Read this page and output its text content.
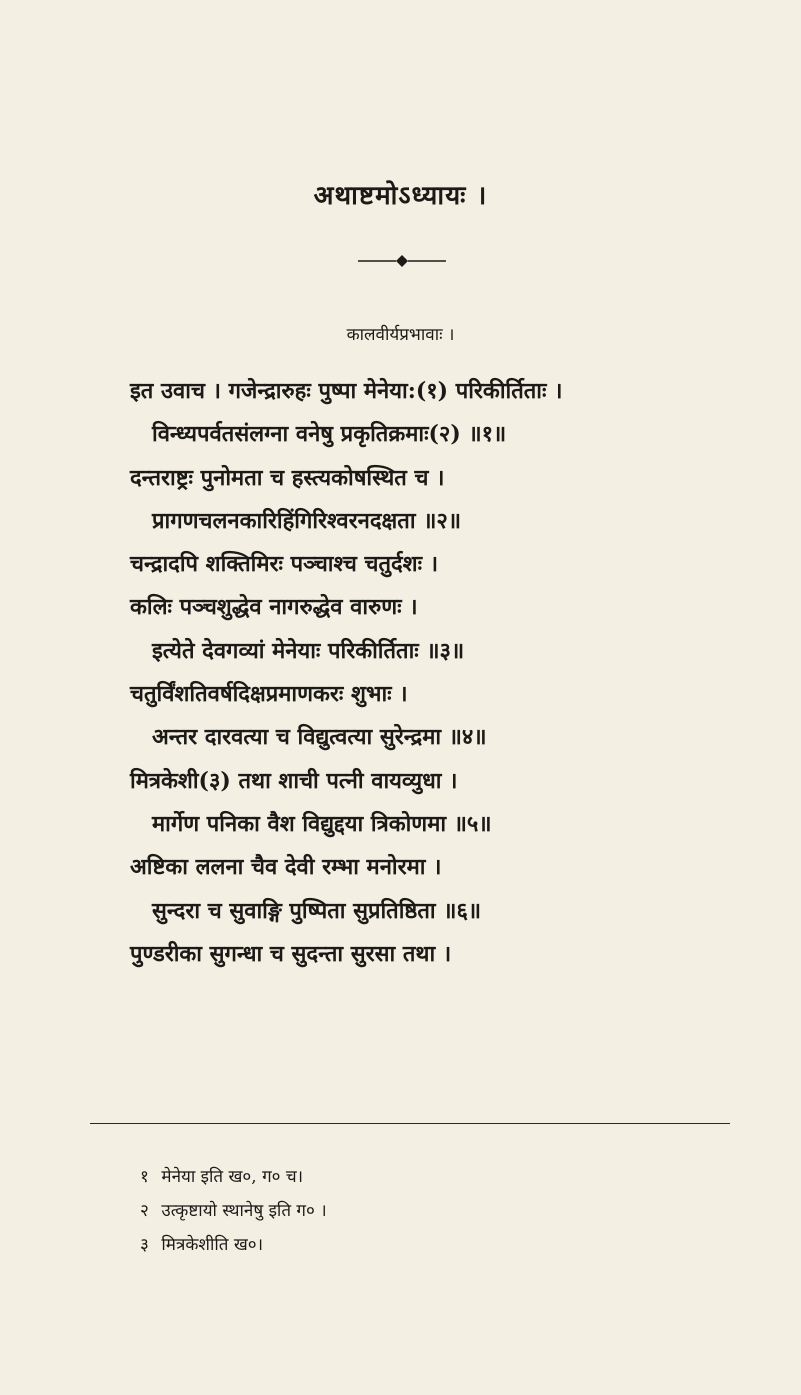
अथाष्टमोऽध्यायः ।
कालवीर्यप्रभावाः ।
इत उवाच । गजेन्द्रारुहः पुष्पा मेनेया:(१) परिकीर्तिताः ।
विन्ध्यपर्वतसंलग्ना वनेषु प्रकृतिक्रमाः(२) ॥१॥
दन्तराष्ट्रः पुनोमता च हस्त्यकोषस्थित च ।
प्रागणचलनकारिहिंगिरिश्वरनदक्षता ॥२॥
चन्द्रादपि शक्तिमिरः पञ्चाश्च चतुर्दशः ।
कलिः पञ्चशुद्धेव नागरुद्धेव वारुणः ।
इत्येते देवगव्यां मेनेयाः परिकीर्तिताः ॥३॥
चतुर्विंशतिवर्षदिक्षप्रमाणकरः शुभाः ।
अन्तर दारवत्या च विद्युत्वत्या सुरेन्द्रमा ॥४॥
मित्रकेशी(३) तथा शाची पत्नी वायव्युधा ।
मार्गेण पनिका वैश विद्युद्दया त्रिकोणमा ॥५॥
अष्टिका ललना चैव देवी रम्भा मनोरमा ।
सुन्दरा च सुवाङ्गि पुष्पिता सुप्रतिष्ठिता ॥६॥
पुण्डरीका सुगन्धा च सुदन्ता सुरसा तथा ।
१ मेनेया इति ख०, ग० च।
२ उत्कृष्टायो स्थानेषु इति ग० ।
३ मित्रकेशीति ख०।
